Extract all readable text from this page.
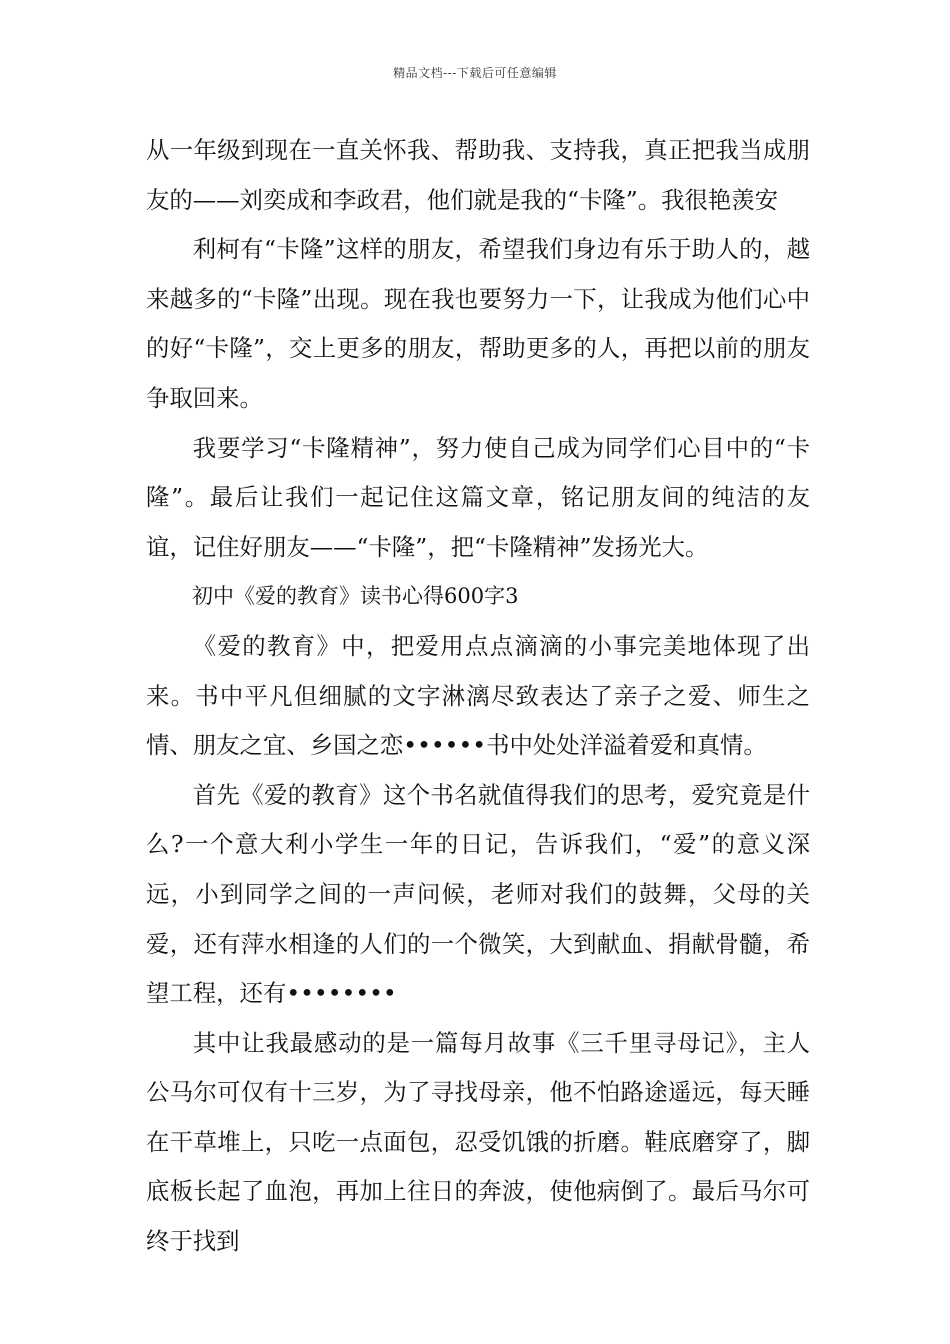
精品文档---下载后可任意编辑

从一年级到现在一直关怀我、帮助我、支持我，真正把我当成朋友的——刘奕成和李政君，他们就是我的“卡隆”。我很艳羡安

利柯有“卡隆”这样的朋友，希望我们身边有乐于助人的，越来越多的“卡隆”出现。现在我也要努力一下，让我成为他们心中的好“卡隆”，交上更多的朋友，帮助更多的人，再把以前的朋友争取回来。

我要学习“卡隆精神”，努力使自己成为同学们心目中的“卡隆”。最后让我们一起记住这篇文章，铭记朋友间的纯洁的友谊，记住好朋友——“卡隆”，把“卡隆精神”发扬光大。

初中《爱的教育》读书心得600字3

《爱的教育》中，把爱用点点滴滴的小事完美地体现了出来。书中平凡但细腻的文字淋漓尽致表达了亲子之爱、师生之情、朋友之宜、乡国之恋••••••书中处处洋溢着爱和真情。

首先《爱的教育》这个书名就值得我们的思考，爱究竟是什么?一个意大利小学生一年的日记，告诉我们，“爱”的意义深远，小到同学之间的一声问候，老师对我们的鼓舞，父母的关爱，还有萍水相逢的人们的一个微笑，大到献血、捐献骨髓，希望工程，还有••••••••

其中让我最感动的是一篇每月故事《三千里寻母记》，主人公马尔可仅有十三岁，为了寻找母亲，他不怕路途遥远，每天睡在干草堆上，只吃一点面包，忍受饥饿的折磨。鞋底磨穿了，脚底板长起了血泡，再加上往日的奔波，使他病倒了。最后马尔可终于找到
